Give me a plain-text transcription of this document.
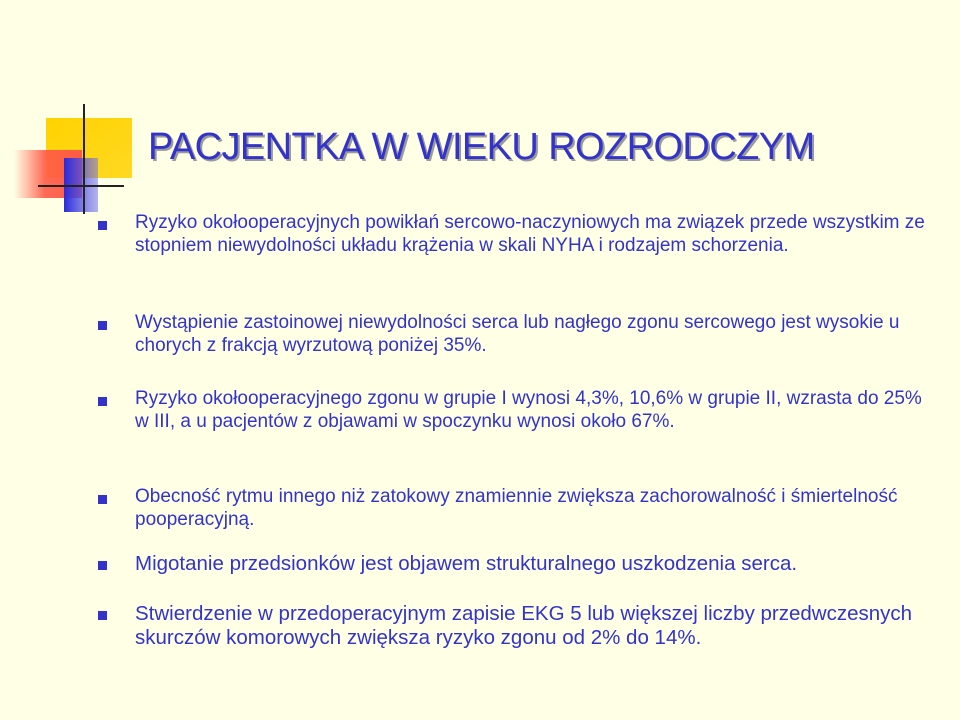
PACJENTKA W WIEKU ROZRODCZYM
Ryzyko okołooperacyjnych powikłań sercowo-naczyniowych ma związek przede wszystkim ze stopniem niewydolności układu krążenia w skali NYHA i rodzajem schorzenia.
Wystąpienie zastoinowej niewydolności serca lub nagłego zgonu sercowego jest wysokie u chorych z frakcją wyrzutową poniżej 35%.
Ryzyko okołooperacyjnego zgonu w grupie I wynosi 4,3%, 10,6% w grupie II, wzrasta do 25% w III, a u pacjentów z objawami w spoczynku wynosi około 67%.
Obecność rytmu innego niż zatokowy znamiennie zwiększa zachorowalność i śmiertelność pooperacyjną.
Migotanie przedsionków jest objawem strukturalnego uszkodzenia serca.
Stwierdzenie w przedoperacyjnym zapisie EKG 5 lub większej liczby przedwczesnych skurczów komorowych zwiększa ryzyko zgonu od 2% do 14%.
